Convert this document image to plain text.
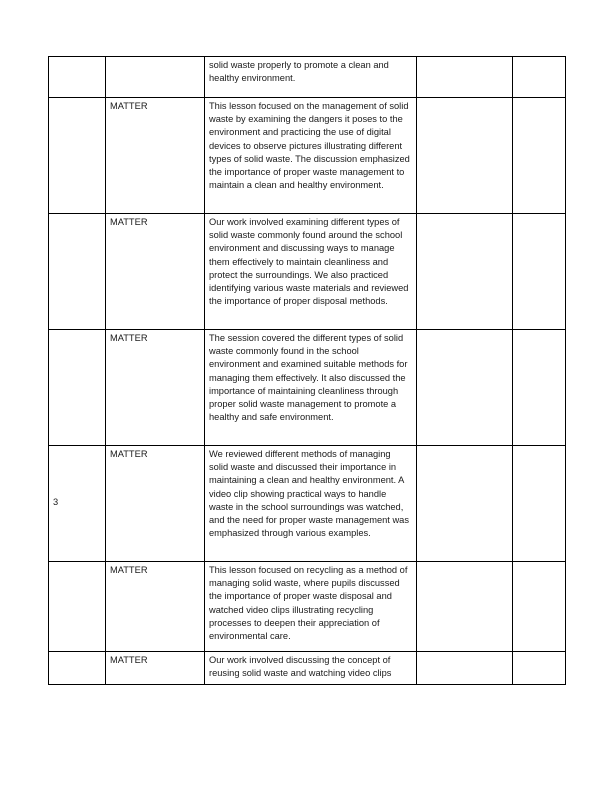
		solid waste properly to promote a clean and healthy environment.		
	MATTER	This lesson focused on the management of solid waste by examining the dangers it poses to the environment and practicing the use of digital devices to observe pictures illustrating different types of solid waste. The discussion emphasized the importance of proper waste management to maintain a clean and healthy environment.		
	MATTER	Our work involved examining different types of solid waste commonly found around the school environment and discussing ways to manage them effectively to maintain cleanliness and protect the surroundings. We also practiced identifying various waste materials and reviewed the importance of proper disposal methods.		
	MATTER	The session covered the different types of solid waste commonly found in the school environment and examined suitable methods for managing them effectively. It also discussed the importance of maintaining cleanliness through proper solid waste management to promote a healthy and safe environment.		
3	MATTER	We reviewed different methods of managing solid waste and discussed their importance in maintaining a clean and healthy environment. A video clip showing practical ways to handle waste in the school surroundings was watched, and the need for proper waste management was emphasized through various examples.		
	MATTER	This lesson focused on recycling as a method of managing solid waste, where pupils discussed the importance of proper waste disposal and watched video clips illustrating recycling processes to deepen their appreciation of environmental care.		
	MATTER	Our work involved discussing the concept of reusing solid waste and watching video clips		
